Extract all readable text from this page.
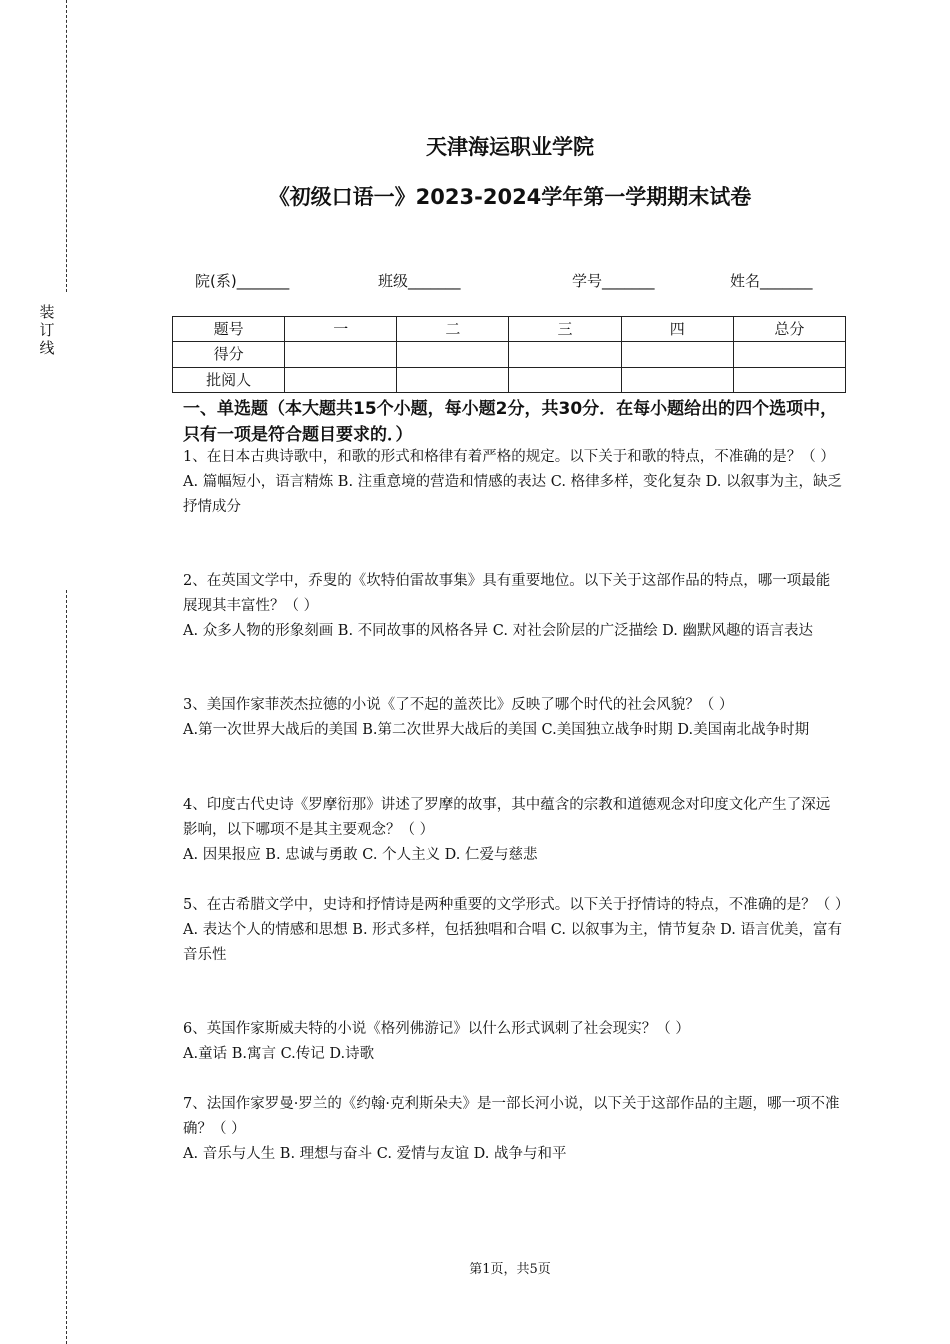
装
订
线
天津海运职业学院
《初级口语一》2023-2024学年第一学期期末试卷
院(系)_______	班级_______	学号_______	姓名_______
题号	一	二	三	四	总分
得分					
批阅人					
一、单选题（本大题共15个小题，每小题2分，共30分．在每小题给出的四个选项中，只有一项是符合题目要求的．）
1、在日本古典诗歌中，和歌的形式和格律有着严格的规定。以下关于和歌的特点，不准确的是？（ ）
A. 篇幅短小，语言精炼 B. 注重意境的营造和情感的表达 C. 格律多样，变化复杂 D. 以叙事为主，缺乏抒情成分
2、在英国文学中，乔叟的《坎特伯雷故事集》具有重要地位。以下关于这部作品的特点，哪一项最能展现其丰富性？（ ）
A. 众多人物的形象刻画 B. 不同故事的风格各异 C. 对社会阶层的广泛描绘 D. 幽默风趣的语言表达
3、美国作家菲茨杰拉德的小说《了不起的盖茨比》反映了哪个时代的社会风貌？（ ）
A.第一次世界大战后的美国 B.第二次世界大战后的美国 C.美国独立战争时期 D.美国南北战争时期
4、印度古代史诗《罗摩衍那》讲述了罗摩的故事，其中蕴含的宗教和道德观念对印度文化产生了深远影响，以下哪项不是其主要观念？（ ）
A. 因果报应 B. 忠诚与勇敢 C. 个人主义 D. 仁爱与慈悲
5、在古希腊文学中，史诗和抒情诗是两种重要的文学形式。以下关于抒情诗的特点，不准确的是？（ ）
A. 表达个人的情感和思想 B. 形式多样，包括独唱和合唱 C. 以叙事为主，情节复杂 D. 语言优美，富有音乐性
6、英国作家斯威夫特的小说《格列佛游记》以什么形式讽刺了社会现实？（ ）
A.童话 B.寓言 C.传记 D.诗歌
7、法国作家罗曼·罗兰的《约翰·克利斯朵夫》是一部长河小说，以下关于这部作品的主题，哪一项不准确？（ ）
A. 音乐与人生 B. 理想与奋斗 C. 爱情与友谊 D. 战争与和平
第1页，共5页
